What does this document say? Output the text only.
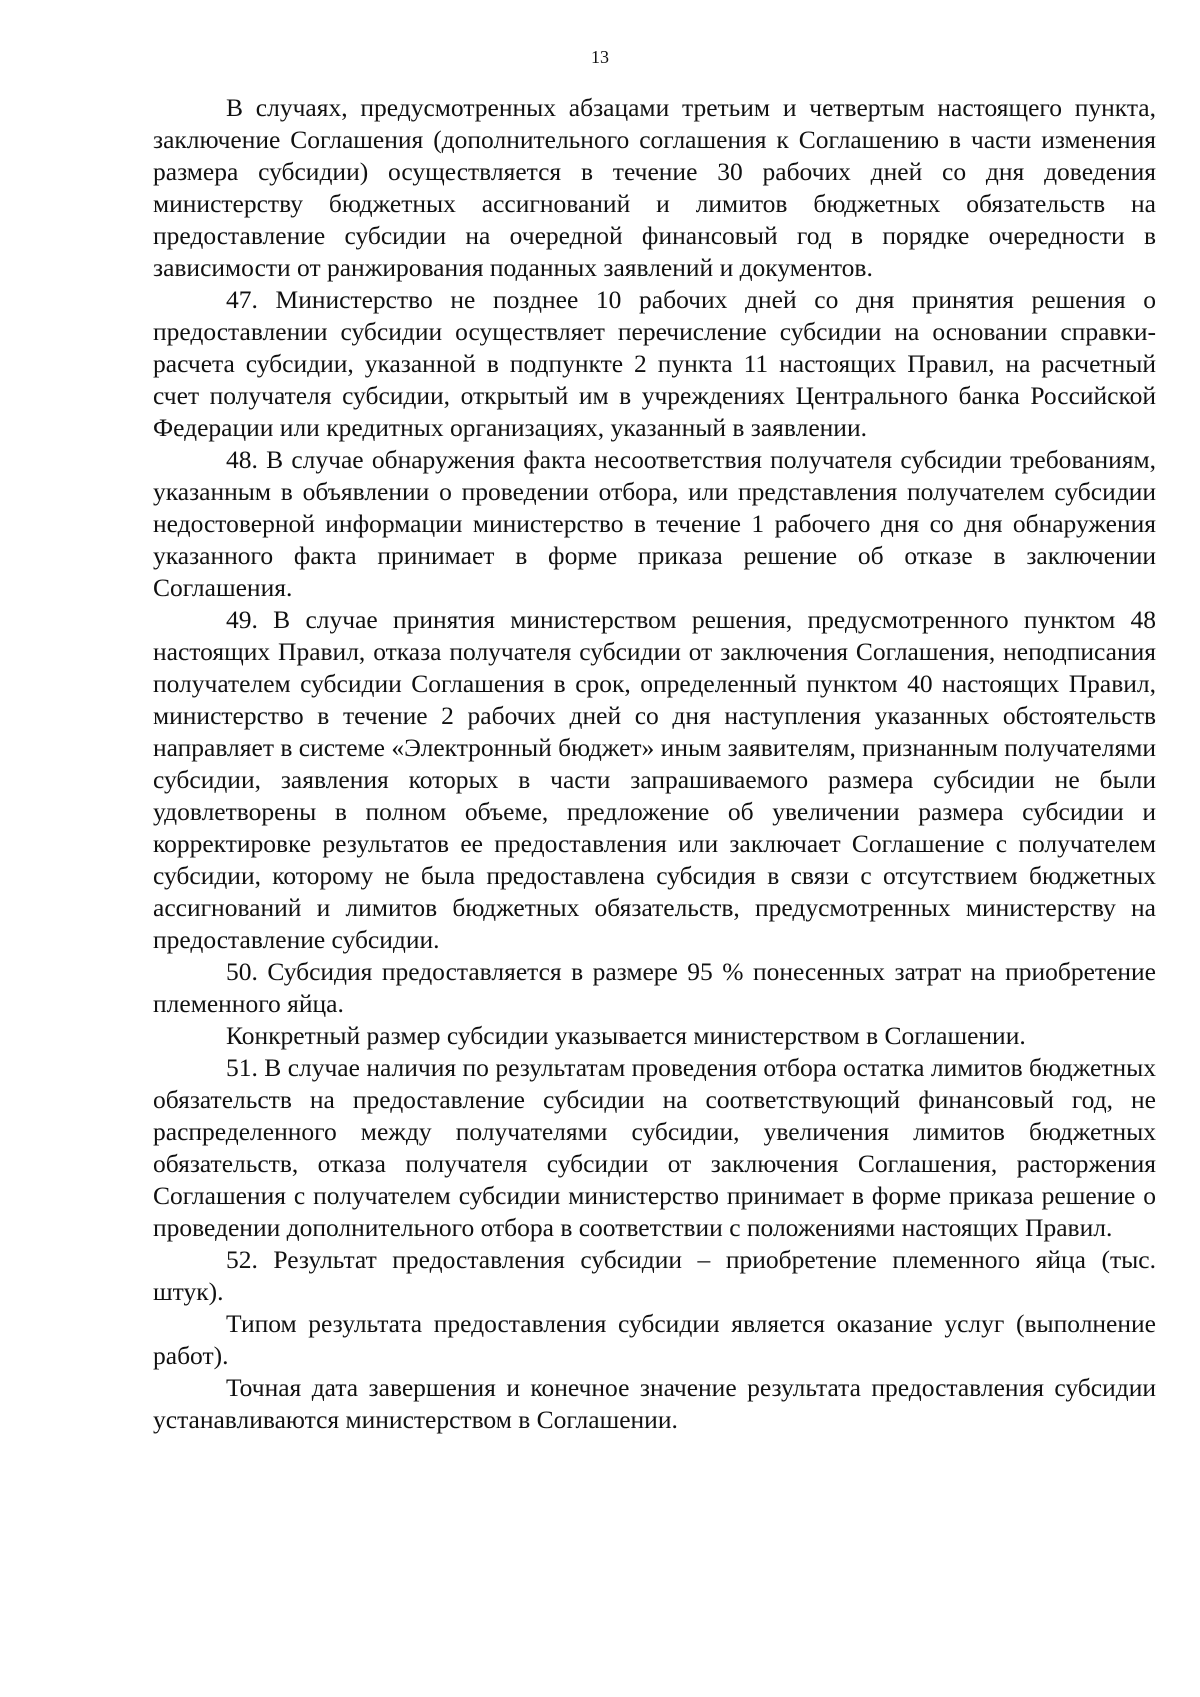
13

В случаях, предусмотренных абзацами третьим и четвертым настоящего пункта, заключение Соглашения (дополнительного соглашения к Соглашению в части изменения размера субсидии) осуществляется в течение 30 рабочих дней со дня доведения министерству бюджетных ассигнований и лимитов бюджетных обязательств на предоставление субсидии на очередной финансовый год в порядке очередности в зависимости от ранжирования поданных заявлений и документов.

47. Министерство не позднее 10 рабочих дней со дня принятия решения о предоставлении субсидии осуществляет перечисление субсидии на основании справки-расчета субсидии, указанной в подпункте 2 пункта 11 настоящих Правил, на расчетный счет получателя субсидии, открытый им в учреждениях Центрального банка Российской Федерации или кредитных организациях, указанный в заявлении.

48. В случае обнаружения факта несоответствия получателя субсидии требованиям, указанным в объявлении о проведении отбора, или представления получателем субсидии недостоверной информации министерство в течение 1 рабочего дня со дня обнаружения указанного факта принимает в форме приказа решение об отказе в заключении Соглашения.

49. В случае принятия министерством решения, предусмотренного пунктом 48 настоящих Правил, отказа получателя субсидии от заключения Соглашения, неподписания получателем субсидии Соглашения в срок, определенный пунктом 40 настоящих Правил, министерство в течение 2 рабочих дней со дня наступления указанных обстоятельств направляет в системе «Электронный бюджет» иным заявителям, признанным получателями субсидии, заявления которых в части запрашиваемого размера субсидии не были удовлетворены в полном объеме, предложение об увеличении размера субсидии и корректировке результатов ее предоставления или заключает Соглашение с получателем субсидии, которому не была предоставлена субсидия в связи с отсутствием бюджетных ассигнований и лимитов бюджетных обязательств, предусмотренных министерству на предоставление субсидии.

50. Субсидия предоставляется в размере 95 % понесенных затрат на приобретение племенного яйца.

Конкретный размер субсидии указывается министерством в Соглашении.

51. В случае наличия по результатам проведения отбора остатка лимитов бюджетных обязательств на предоставление субсидии на соответствующий финансовый год, не распределенного между получателями субсидии, увеличения лимитов бюджетных обязательств, отказа получателя субсидии от заключения Соглашения, расторжения Соглашения с получателем субсидии министерство принимает в форме приказа решение о проведении дополнительного отбора в соответствии с положениями настоящих Правил.

52. Результат предоставления субсидии – приобретение племенного яйца (тыс. штук).

Типом результата предоставления субсидии является оказание услуг (выполнение работ).

Точная дата завершения и конечное значение результата предоставления субсидии устанавливаются министерством в Соглашении.
